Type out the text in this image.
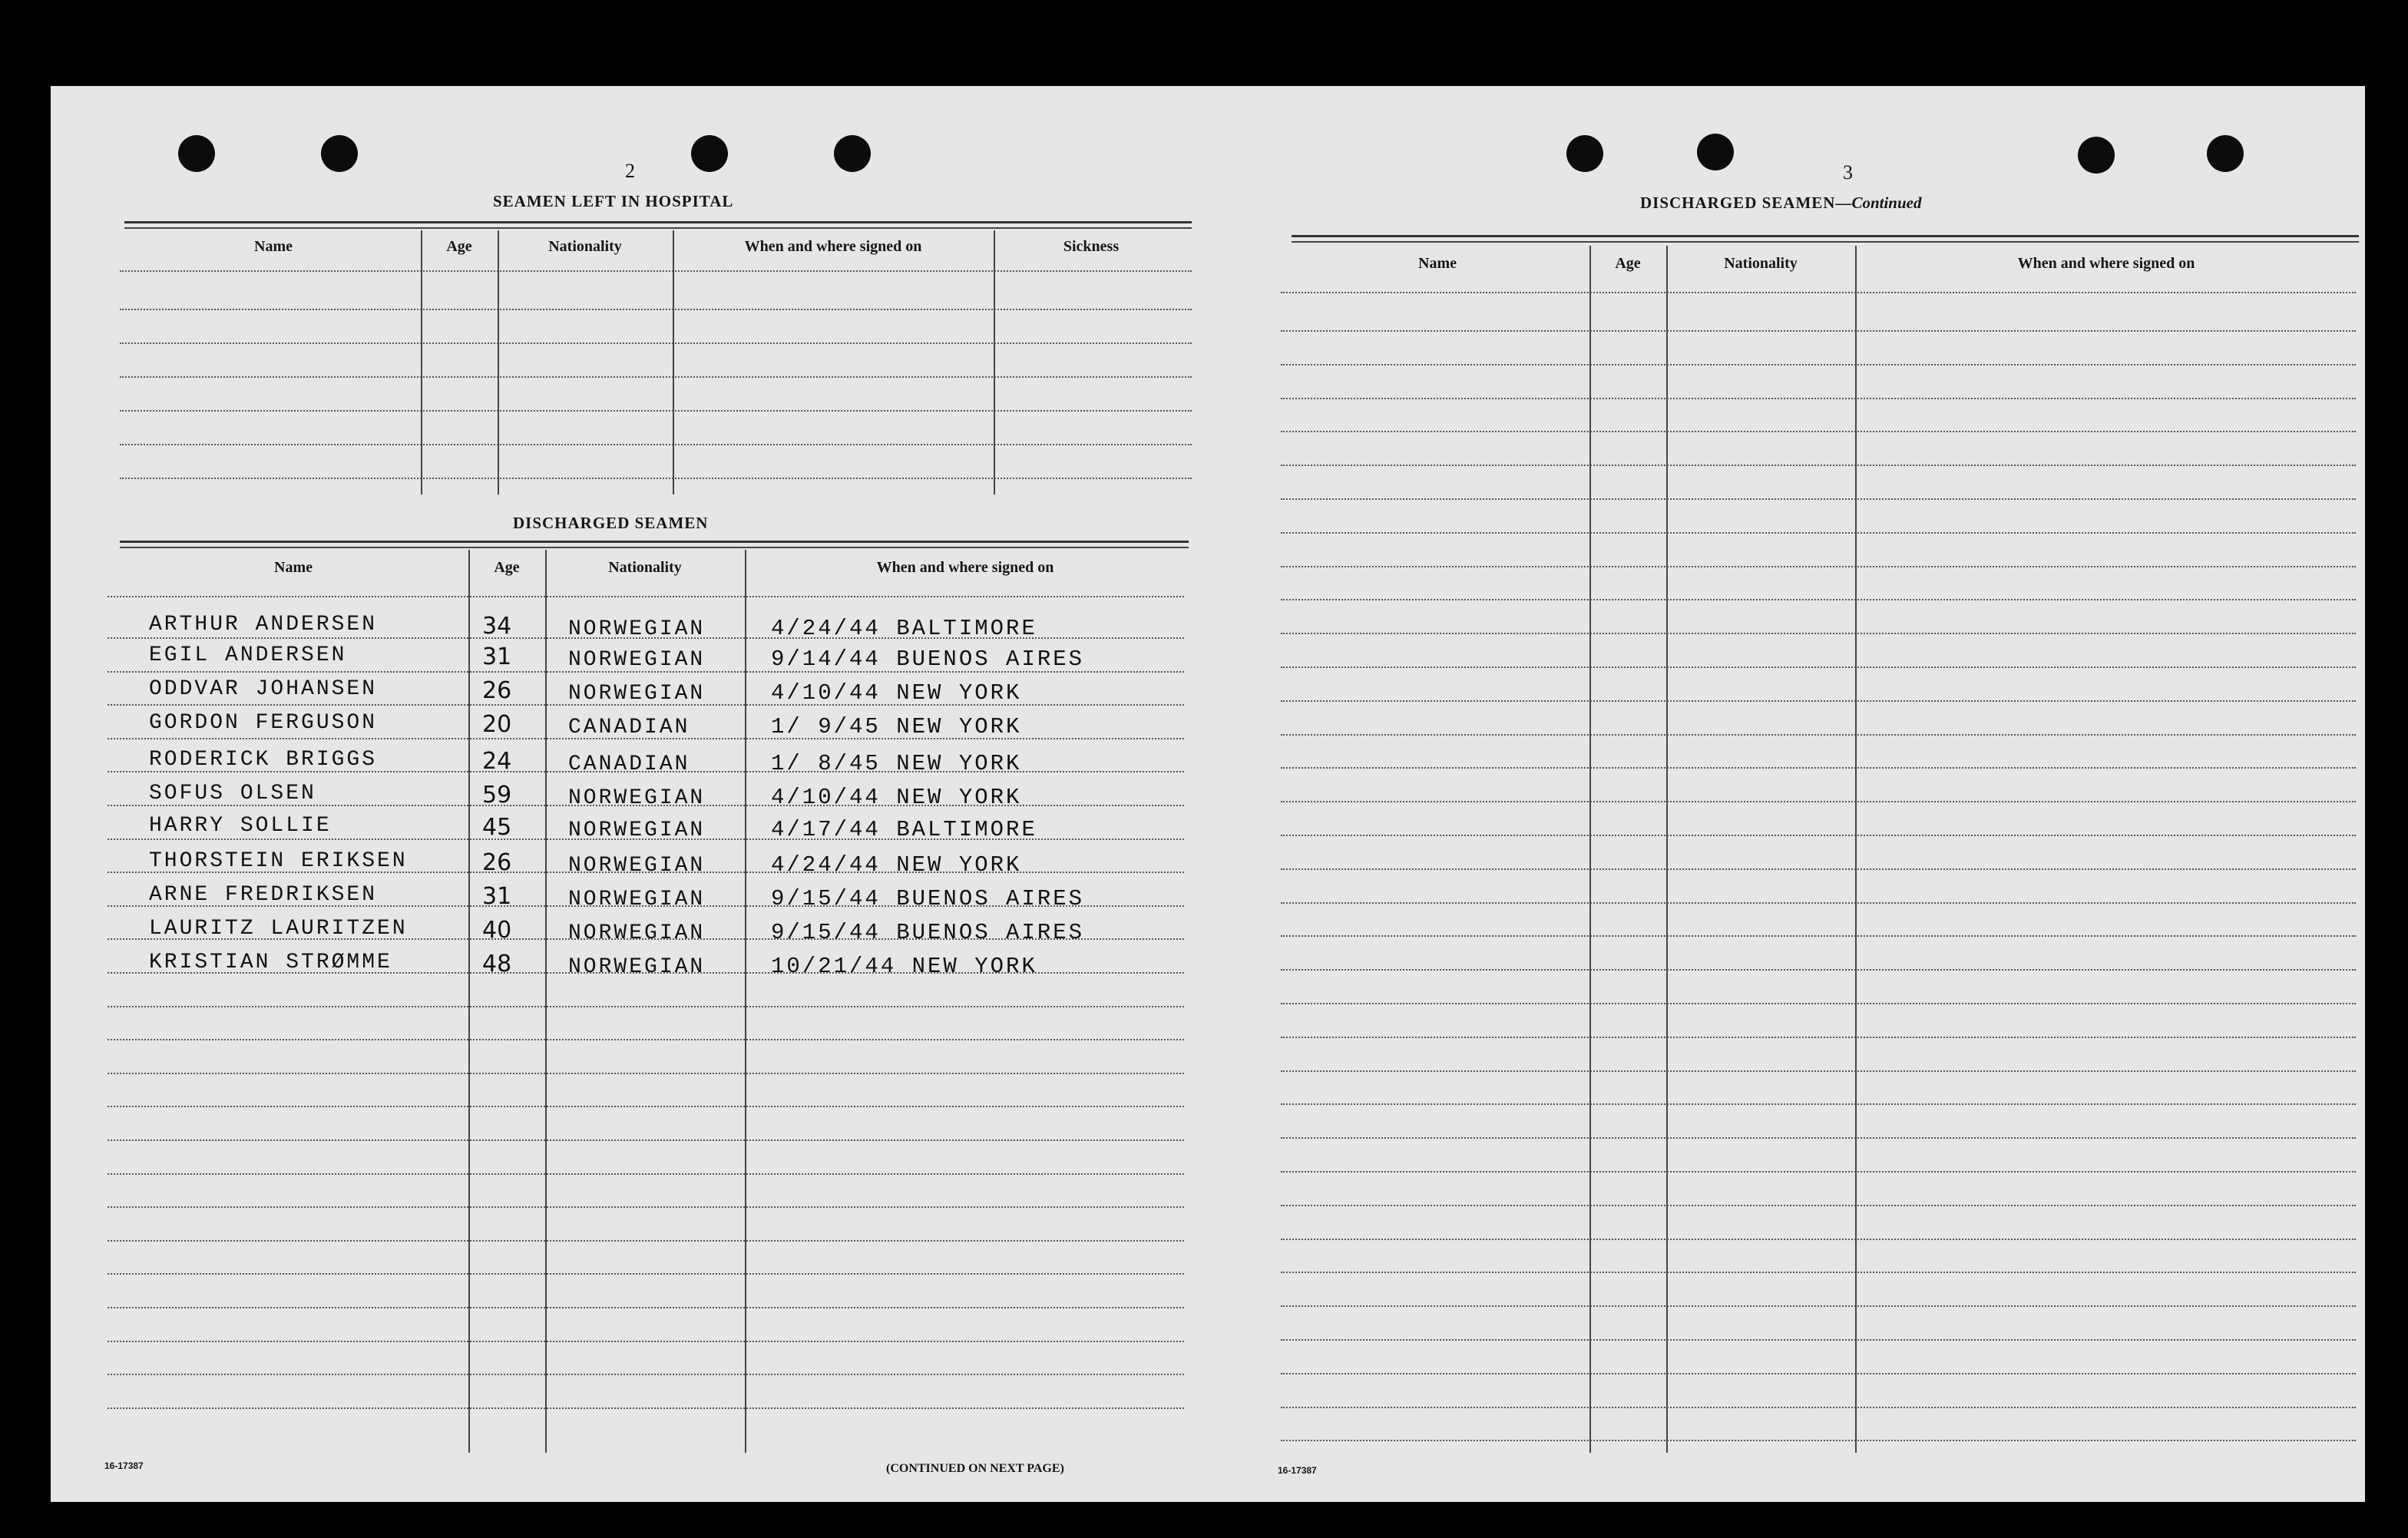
2
SEAMEN LEFT IN HOSPITAL
Name	Age	Nationality	When and where signed on	Sickness
DISCHARGED SEAMEN
Name	Age	Nationality	When and where signed on
ARTHUR ANDERSEN	34	NORWEGIAN	4/24/44 BALTIMORE
EGIL ANDERSEN	31	NORWEGIAN	9/14/44 BUENOS AIRES
ODDVAR JOHANSEN	26	NORWEGIAN	4/10/44 NEW YORK
GORDON FERGUSON	20	CANADIAN	1/ 9/45 NEW YORK
RODERICK BRIGGS	24	CANADIAN	1/ 8/45 NEW YORK
SOFUS OLSEN	59	NORWEGIAN	4/10/44 NEW YORK
HARRY SOLLIE	45	NORWEGIAN	4/17/44 BALTIMORE
THORSTEIN ERIKSEN	26	NORWEGIAN	4/24/44 NEW YORK
ARNE FREDRIKSEN	31	NORWEGIAN	9/15/44 BUENOS AIRES
LAURITZ LAURITZEN	40	NORWEGIAN	9/15/44 BUENOS AIRES
KRISTIAN STRØMME	48	NORWEGIAN	10/21/44 NEW YORK
16-17387	(CONTINUED ON NEXT PAGE)
3
DISCHARGED SEAMEN—Continued
Name	Age	Nationality	When and where signed on
16-17387
